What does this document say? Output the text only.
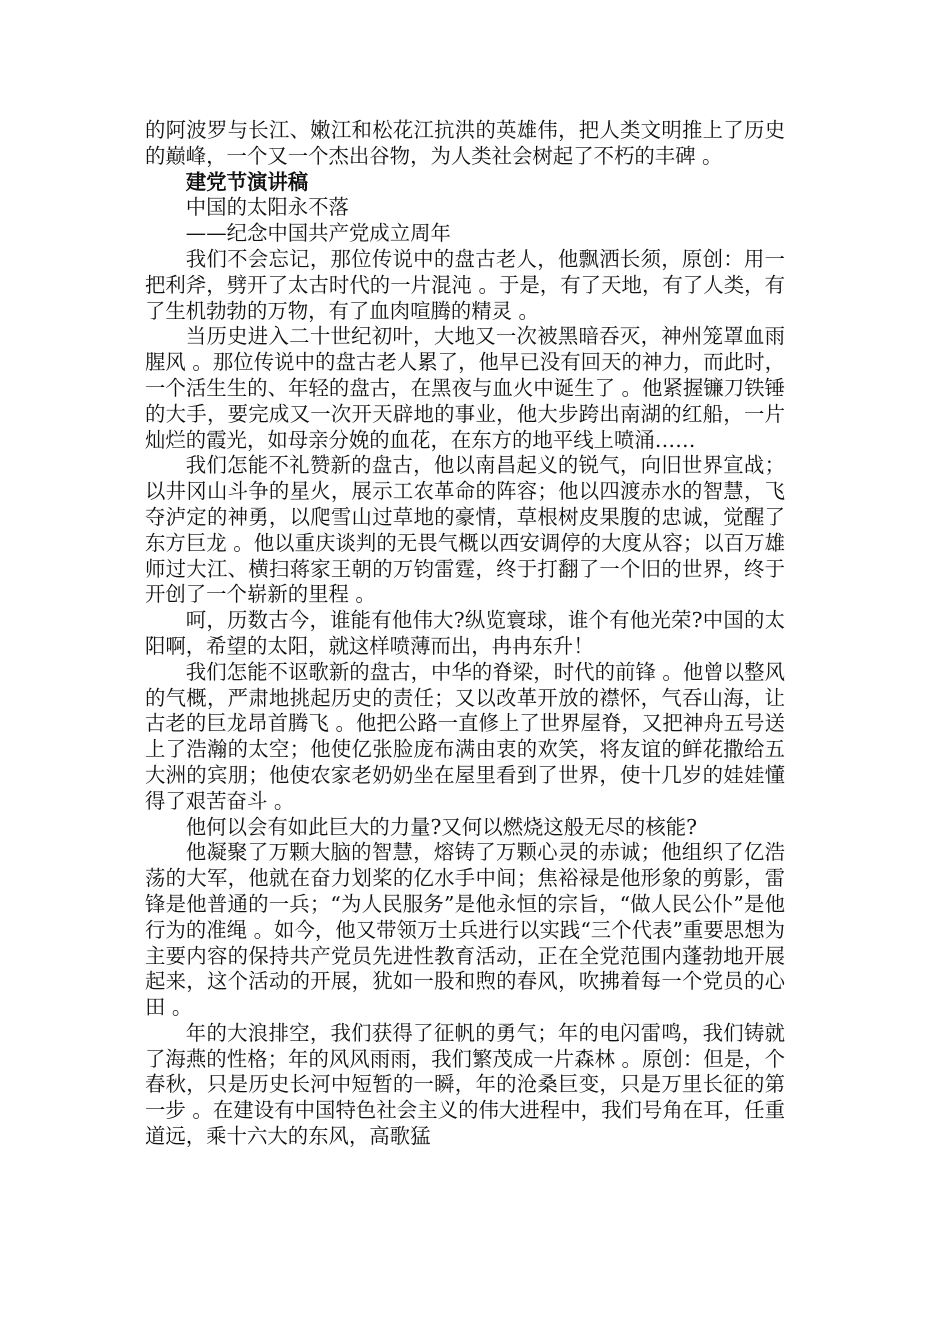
的阿波罗与长江、嫩江和松花江抗洪的英雄伟，把人类文明推上了历史的巅峰，一个又一个杰出谷物，为人类社会树起了不朽的丰碑 。

建党节演讲稿

中国的太阳永不落

——纪念中国共产党成立周年

我们不会忘记，那位传说中的盘古老人，他飘洒长须，原创：用一把利斧，劈开了太古时代的一片混沌 。于是，有了天地，有了人类，有了生机勃勃的万物，有了血肉喧腾的精灵 。

当历史进入二十世纪初叶，大地又一次被黑暗吞灭，神州笼罩血雨腥风 。那位传说中的盘古老人累了，他早已没有回天的神力，而此时，一个活生生的、年轻的盘古，在黑夜与血火中诞生了 。他紧握镰刀铁锤的大手，要完成又一次开天辟地的事业，他大步跨出南湖的红船，一片灿烂的霞光，如母亲分娩的血花，在东方的地平线上喷涌……

我们怎能不礼赞新的盘古，他以南昌起义的锐气，向旧世界宣战；以井冈山斗争的星火，展示工农革命的阵容；他以四渡赤水的智慧，飞夺泸定的神勇，以爬雪山过草地的豪情，草根树皮果腹的忠诚，觉醒了东方巨龙 。他以重庆谈判的无畏气概以西安调停的大度从容；以百万雄师过大江、横扫蒋家王朝的万钧雷霆，终于打翻了一个旧的世界，终于开创了一个崭新的里程 。

呵，历数古今，谁能有他伟大?纵览寰球，谁个有他光荣?中国的太阳啊，希望的太阳，就这样喷薄而出，冉冉东升！

我们怎能不讴歌新的盘古，中华的脊梁，时代的前锋 。他曾以整风的气概，严肃地挑起历史的责任；又以改革开放的襟怀，气吞山海，让古老的巨龙昂首腾飞 。他把公路一直修上了世界屋脊，又把神舟五号送上了浩瀚的太空；他使亿张脸庞布满由衷的欢笑，将友谊的鲜花撒给五大洲的宾朋；他使农家老奶奶坐在屋里看到了世界，使十几岁的娃娃懂得了艰苦奋斗 。

他何以会有如此巨大的力量?又何以燃烧这般无尽的核能?

他凝聚了万颗大脑的智慧，熔铸了万颗心灵的赤诚；他组织了亿浩荡的大军，他就在奋力划桨的亿水手中间；焦裕禄是他形象的剪影，雷锋是他普通的一兵；“为人民服务”是他永恒的宗旨，“做人民公仆”是他行为的准绳 。如今，他又带领万士兵进行以实践“三个代表”重要思想为主要内容的保持共产党员先进性教育活动，正在全党范围内蓬勃地开展起来，这个活动的开展，犹如一股和煦的春风，吹拂着每一个党员的心田 。

年的大浪排空，我们获得了征帆的勇气；年的电闪雷鸣，我们铸就了海燕的性格；年的风风雨雨，我们繁茂成一片森林 。原创：但是，个春秋，只是历史长河中短暂的一瞬，年的沧桑巨变，只是万里长征的第一步 。在建设有中国特色社会主义的伟大进程中，我们号角在耳，任重道远，乘十六大的东风，高歌猛
